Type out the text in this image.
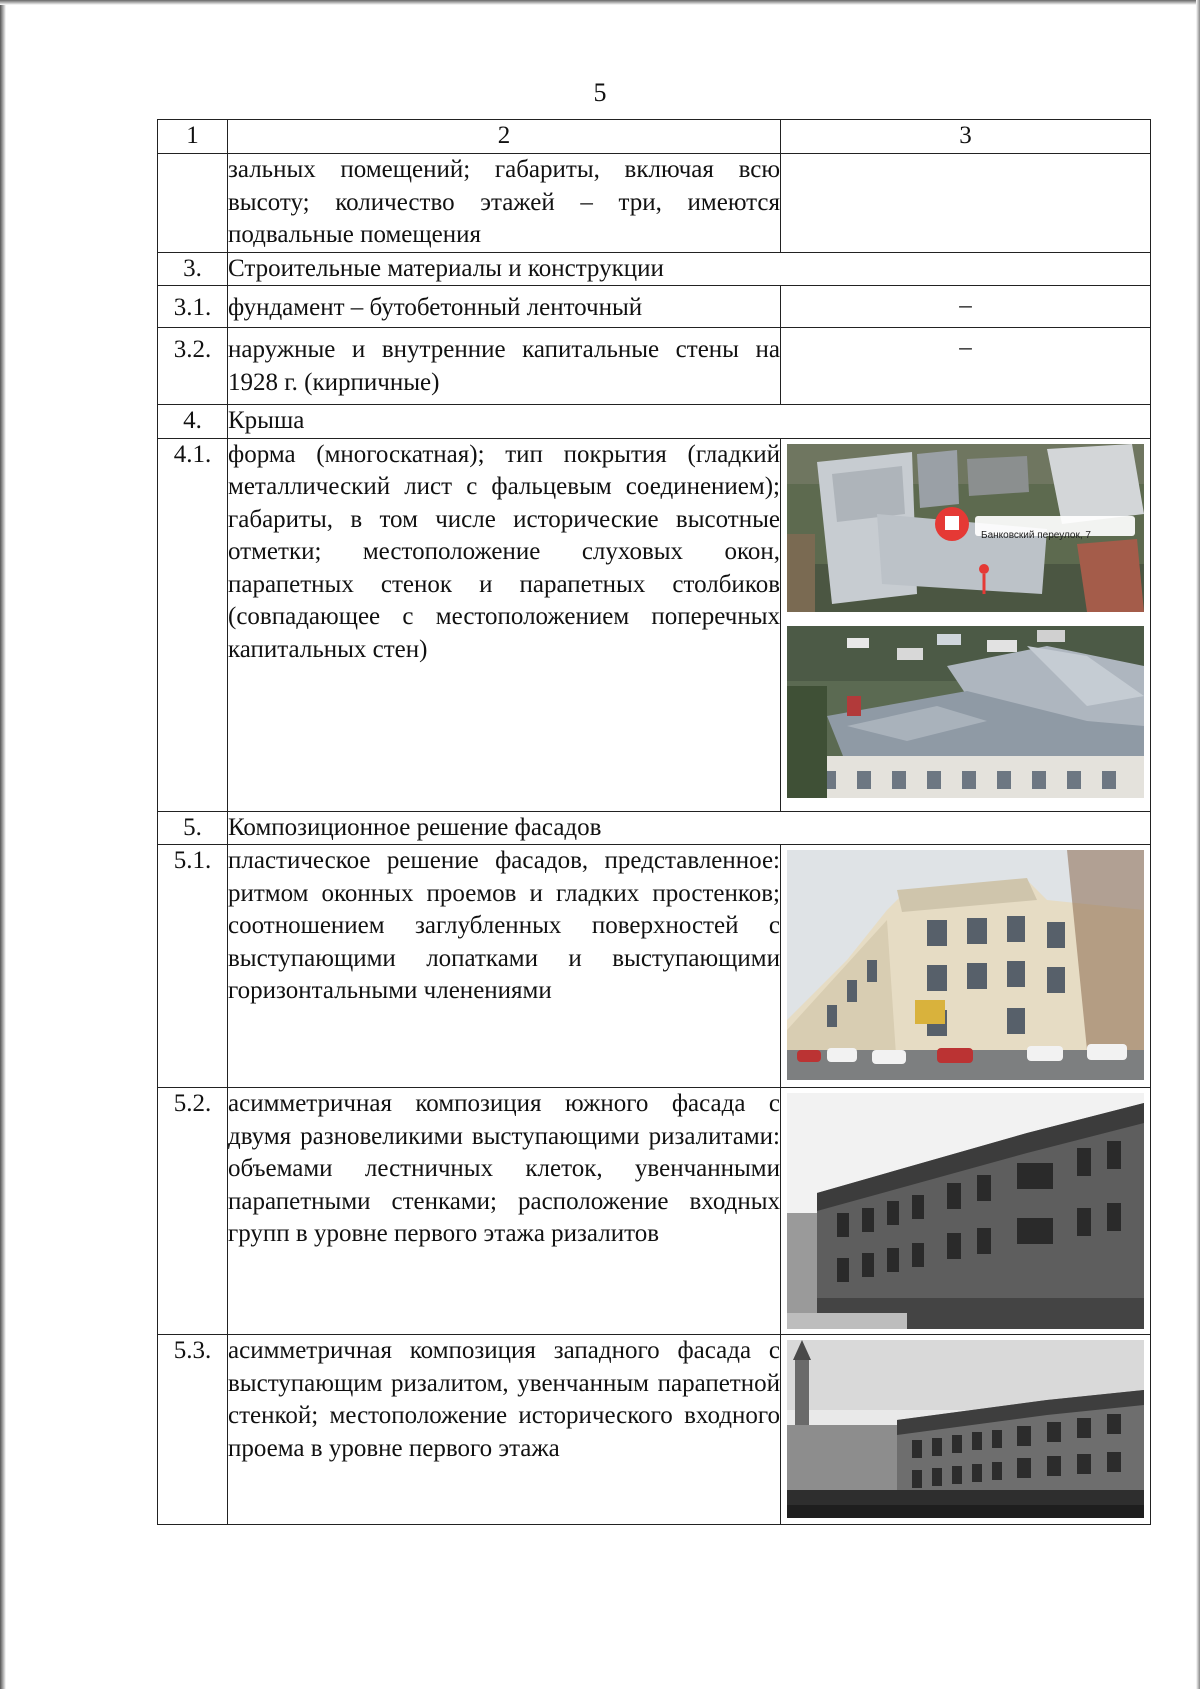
5
1	2	3
	зальных помещений; габариты, включая всю высоту; количество этажей – три, имеются подвальные помещения	
3.	Строительные материалы и конструкции	
3.1.	фундамент – бутобетонный ленточный	–

3.2.	наружные и внутренние капитальные стены на 1928 г. (кирпичные)	–

4.	Крыша	
4.1.	форма (многоскатная); тип покрытия (гладкий металлический лист с фальцевым соединением); габариты, в том числе исторические высотные отметки; местоположение слуховых окон, парапетных стенок и парапетных столбиков (совпадающее с местоположением поперечных капитальных стен)	Банковский переулок, 7

5.	Композиционное решение фасадов	
5.1.	пластическое решение фасадов, представленное: ритмом оконных проемов и гладких простенков; соотношением заглубленных поверхностей с выступающими лопатками и выступающими горизонтальными членениями	

5.2.	асимметричная композиция южного фасада с двумя разновеликими выступающими ризалитами: объемами лестничных клеток, увенчанными парапетными стенками; расположение входных групп в уровне первого этажа ризалитов	

5.3.	асимметричная композиция западного фасада с выступающим ризалитом, увенчанным парапетной стенкой; местоположение исторического входного проема в уровне первого этажа	
